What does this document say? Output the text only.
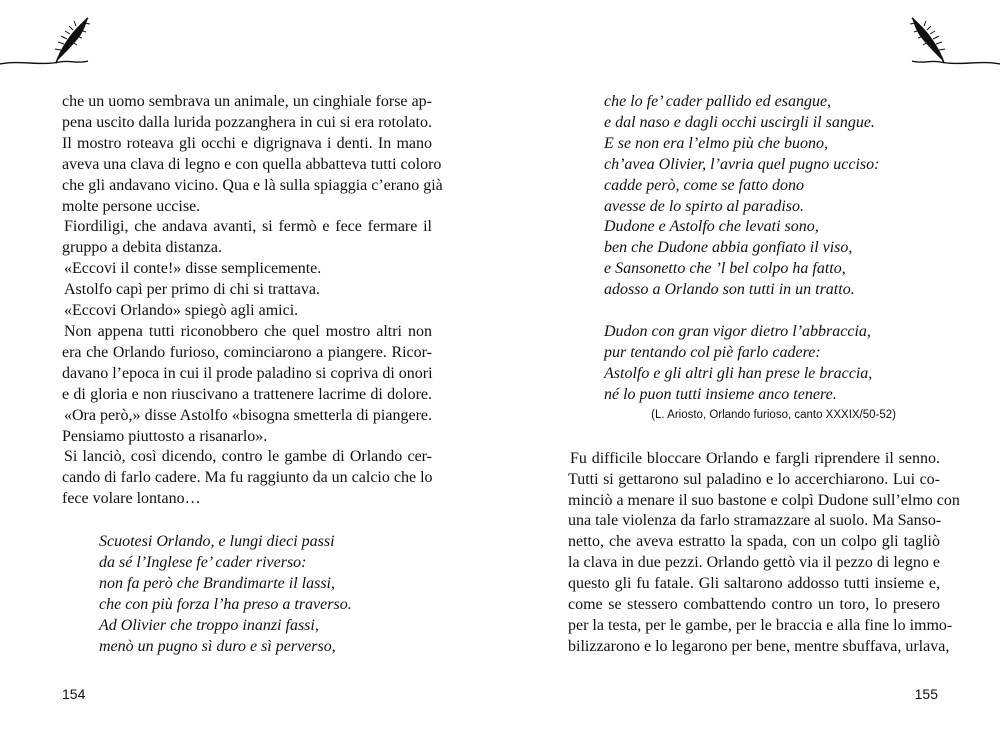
che un uomo sembrava un animale, un cinghiale forse ap-
pena uscito dalla lurida pozzanghera in cui si era rotolato.
Il mostro roteava gli occhi e digrignava i denti. In mano
aveva una clava di legno e con quella abbatteva tutti coloro
che gli andavano vicino. Qua e là sulla spiaggia c’erano già
molte persone uccise.
Fiordiligi, che andava avanti, si fermò e fece fermare il
gruppo a debita distanza.
«Eccovi il conte!» disse semplicemente.
Astolfo capì per primo di chi si trattava.
«Eccovi Orlando» spiegò agli amici.
Non appena tutti riconobbero che quel mostro altri non
era che Orlando furioso, cominciarono a piangere. Ricor-
davano l’epoca in cui il prode paladino si copriva di onori
e di gloria e non riuscivano a trattenere lacrime di dolore.
«Ora però,» disse Astolfo «bisogna smetterla di piangere.
Pensiamo piuttosto a risanarlo».
Si lanciò, così dicendo, contro le gambe di Orlando cer-
cando di farlo cadere. Ma fu raggiunto da un calcio che lo
fece volare lontano…
Scuotesi Orlando, e lungi dieci passi
da sé l’Inglese fe’ cader riverso:
non fa però che Brandimarte il lassi,
che con più forza l’ha preso a traverso.
Ad Olivier che troppo inanzi fassi,
menò un pugno sì duro e sì perverso,
154
che lo fe’ cader pallido ed esangue,
e dal naso e dagli occhi uscirgli il sangue.
E se non era l’elmo più che buono,
ch’avea Olivier, l’avria quel pugno ucciso:
cadde però, come se fatto dono
avesse de lo spirto al paradiso.
Dudone e Astolfo che levati sono,
ben che Dudone abbia gonfiato il viso,
e Sansonetto che ’l bel colpo ha fatto,
adosso a Orlando son tutti in un tratto.
Dudon con gran vigor dietro l’abbraccia,
pur tentando col piè farlo cadere:
Astolfo e gli altri gli han prese le braccia,
né lo puon tutti insieme anco tenere.
(L. Ariosto, Orlando furioso, canto XXXIX/50-52)
Fu difficile bloccare Orlando e fargli riprendere il senno.
Tutti si gettarono sul paladino e lo accerchiarono. Lui co-
minciò a menare il suo bastone e colpì Dudone sull’elmo con
una tale violenza da farlo stramazzare al suolo. Ma Sanso-
netto, che aveva estratto la spada, con un colpo gli tagliò
la clava in due pezzi. Orlando gettò via il pezzo di legno e
questo gli fu fatale. Gli saltarono addosso tutti insieme e,
come se stessero combattendo contro un toro, lo presero
per la testa, per le gambe, per le braccia e alla fine lo immo-
bilizzarono e lo legarono per bene, mentre sbuffava, urlava,
155
